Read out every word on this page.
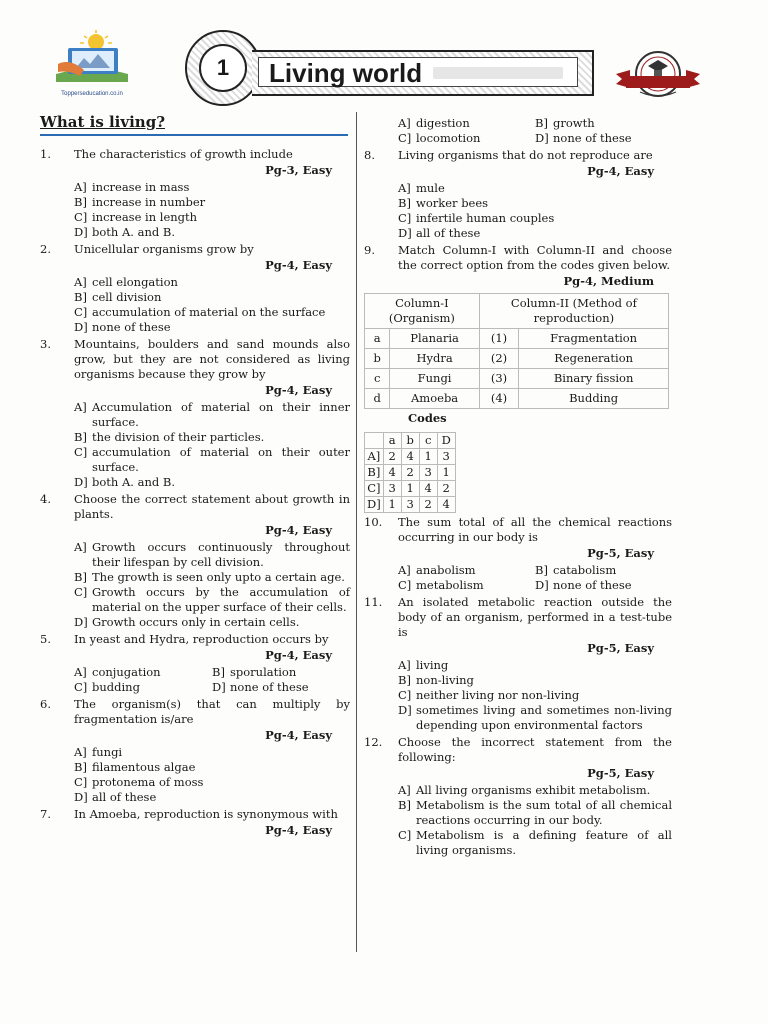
Topperseducation.co.in
1	Living world
What is living?
1.	The characteristics of growth include
Pg-3, Easy
A] increase in mass
B] increase in number
C] increase in length
D] both A. and B.
2.	Unicellular organisms grow by
Pg-4, Easy
A] cell elongation
B] cell division
C] accumulation of material on the surface
D] none of these
3.	Mountains, boulders and sand mounds also grow, but they are not considered as living organisms because they grow by
Pg-4, Easy
A] Accumulation of material on their inner surface.
B] the division of their particles.
C] accumulation of material on their outer surface.
D] both A. and B.
4.	Choose the correct statement about growth in plants.
Pg-4, Easy
A] Growth occurs continuously throughout their lifespan by cell division.
B] The growth is seen only upto a certain age.
C] Growth occurs by the accumulation of material on the upper surface of their cells.
D] Growth occurs only in certain cells.
5.	In yeast and Hydra, reproduction occurs by
Pg-4, Easy
A] conjugation	B] sporulation
C] budding	D] none of these
6.	The organism(s) that can multiply by fragmentation is/are
Pg-4, Easy
A] fungi
B] filamentous algae
C] protonema of moss
D] all of these
7.	In Amoeba, reproduction is synonymous with
Pg-4, Easy
A] digestion	B] growth
C] locomotion	D] none of these
8.	Living organisms that do not reproduce are
Pg-4, Easy
A] mule
B] worker bees
C] infertile human couples
D] all of these
9.	Match Column-I with Column-II and choose the correct option from the codes given below.
Pg-4, Medium
Column-I (Organism)		Column-II (Method of reproduction)	
a	Planaria	(1)	Fragmentation
b	Hydra	(2)	Regeneration
c	Fungi	(3)	Binary fission
d	Amoeba	(4)	Budding
Codes
	a	b	c	D
A]	2	4	1	3
B]	4	2	3	1
C]	3	1	4	2
D]	1	3	2	4
10.	The sum total of all the chemical reactions occurring in our body is
Pg-5, Easy
A] anabolism	B] catabolism
C] metabolism	D] none of these
11.	An isolated metabolic reaction outside the body of an organism, performed in a test-tube is
Pg-5, Easy
A] living
B] non-living
C] neither living nor non-living
D] sometimes living and sometimes non-living depending upon environmental factors
12.	Choose the incorrect statement from the following:
Pg-5, Easy
A] All living organisms exhibit metabolism.
B] Metabolism is the sum total of all chemical reactions occurring in our body.
C] Metabolism is a defining feature of all living organisms.
